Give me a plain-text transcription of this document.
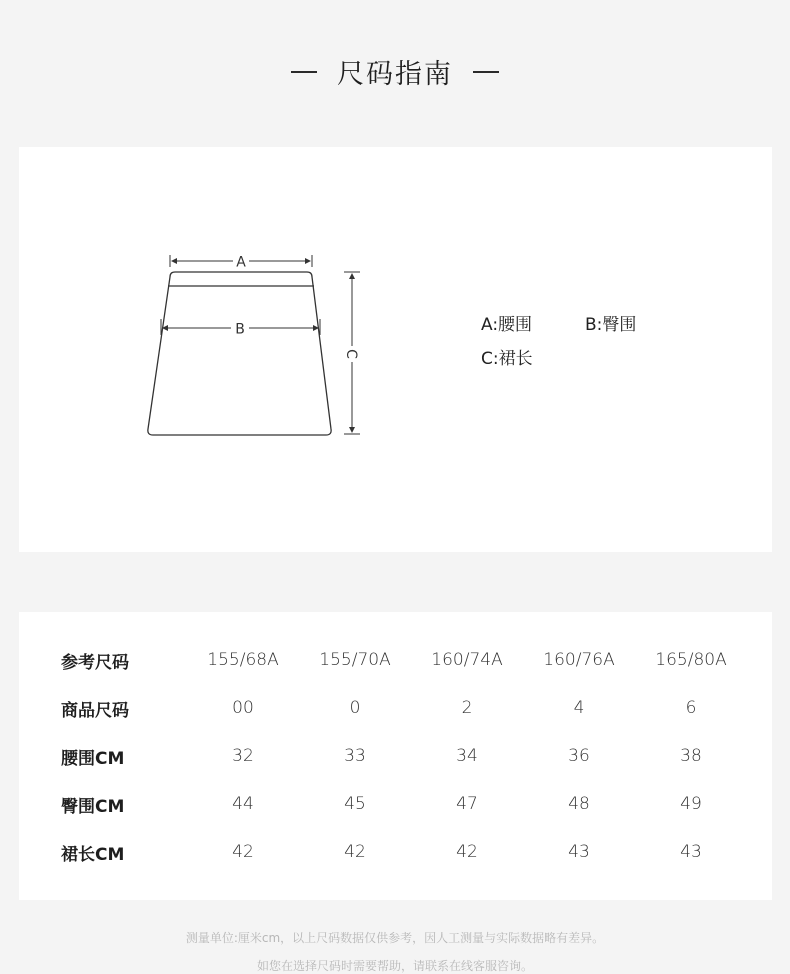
尺码指南
A
B
C
A:腰围	B:臀围
C:裙长
参考尺码	155/68A	155/70A	160/74A	160/76A	165/80A
商品尺码	00	0	2	4	6
腰围CM	32	33	34	36	38
臀围CM	44	45	47	48	49
裙长CM	42	42	42	43	43
测量单位:厘米cm，以上尺码数据仅供参考，因人工测量与实际数据略有差异。
如您在选择尺码时需要帮助，请联系在线客服咨询。
